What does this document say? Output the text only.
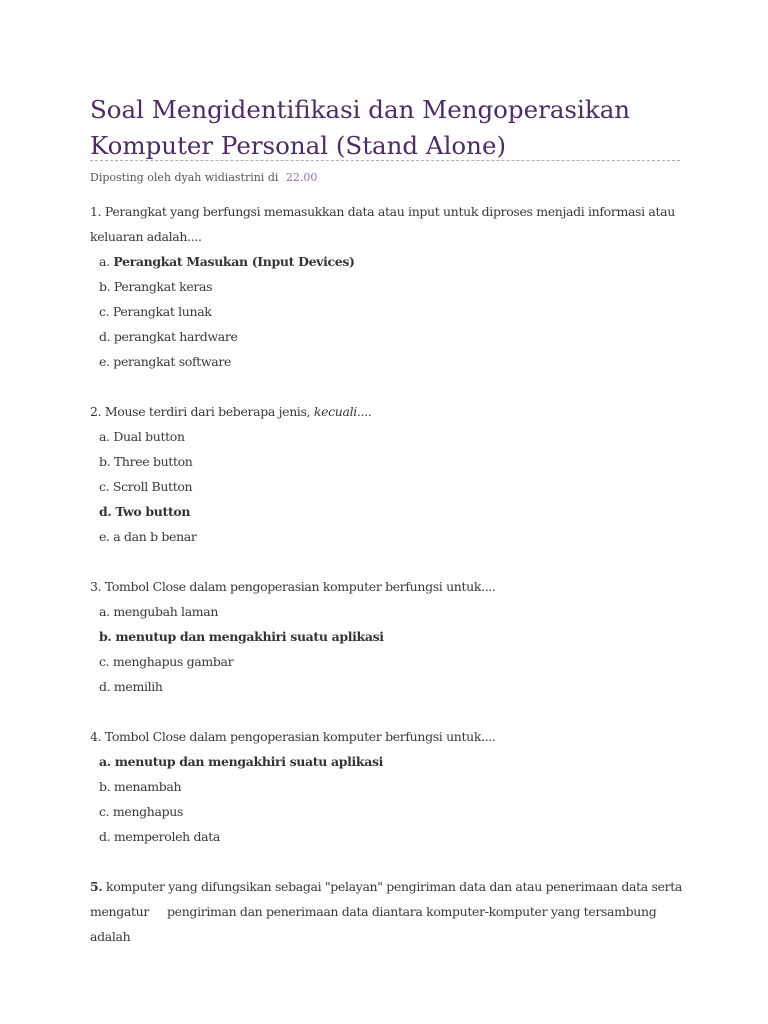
Soal Mengidentifikasi dan Mengoperasikan Komputer Personal (Stand Alone)
Diposting oleh dyah widiastrini di 22.00

1. Perangkat yang berfungsi memasukkan data atau input untuk diproses menjadi informasi atau

keluaran adalah....

a. Perangkat Masukan (Input Devices)

b. Perangkat keras

c. Perangkat lunak

d. perangkat hardware

e. perangkat software

2. Mouse terdiri dari beberapa jenis, kecuali....

a. Dual button

b. Three button

c. Scroll Button

d. Two button

e. a dan b benar

3. Tombol Close dalam pengoperasian komputer berfungsi untuk....

a. mengubah laman

b. menutup dan mengakhiri suatu aplikasi

c. menghapus gambar

d. memilih

4. Tombol Close dalam pengoperasian komputer berfungsi untuk....

a. menutup dan mengakhiri suatu aplikasi

b. menambah

c. menghapus

d. memperoleh data

5. komputer yang difungsikan sebagai "pelayan" pengiriman data dan atau penerimaan data serta

mengatur pengiriman dan penerimaan data diantara komputer-komputer yang tersambung adalah
